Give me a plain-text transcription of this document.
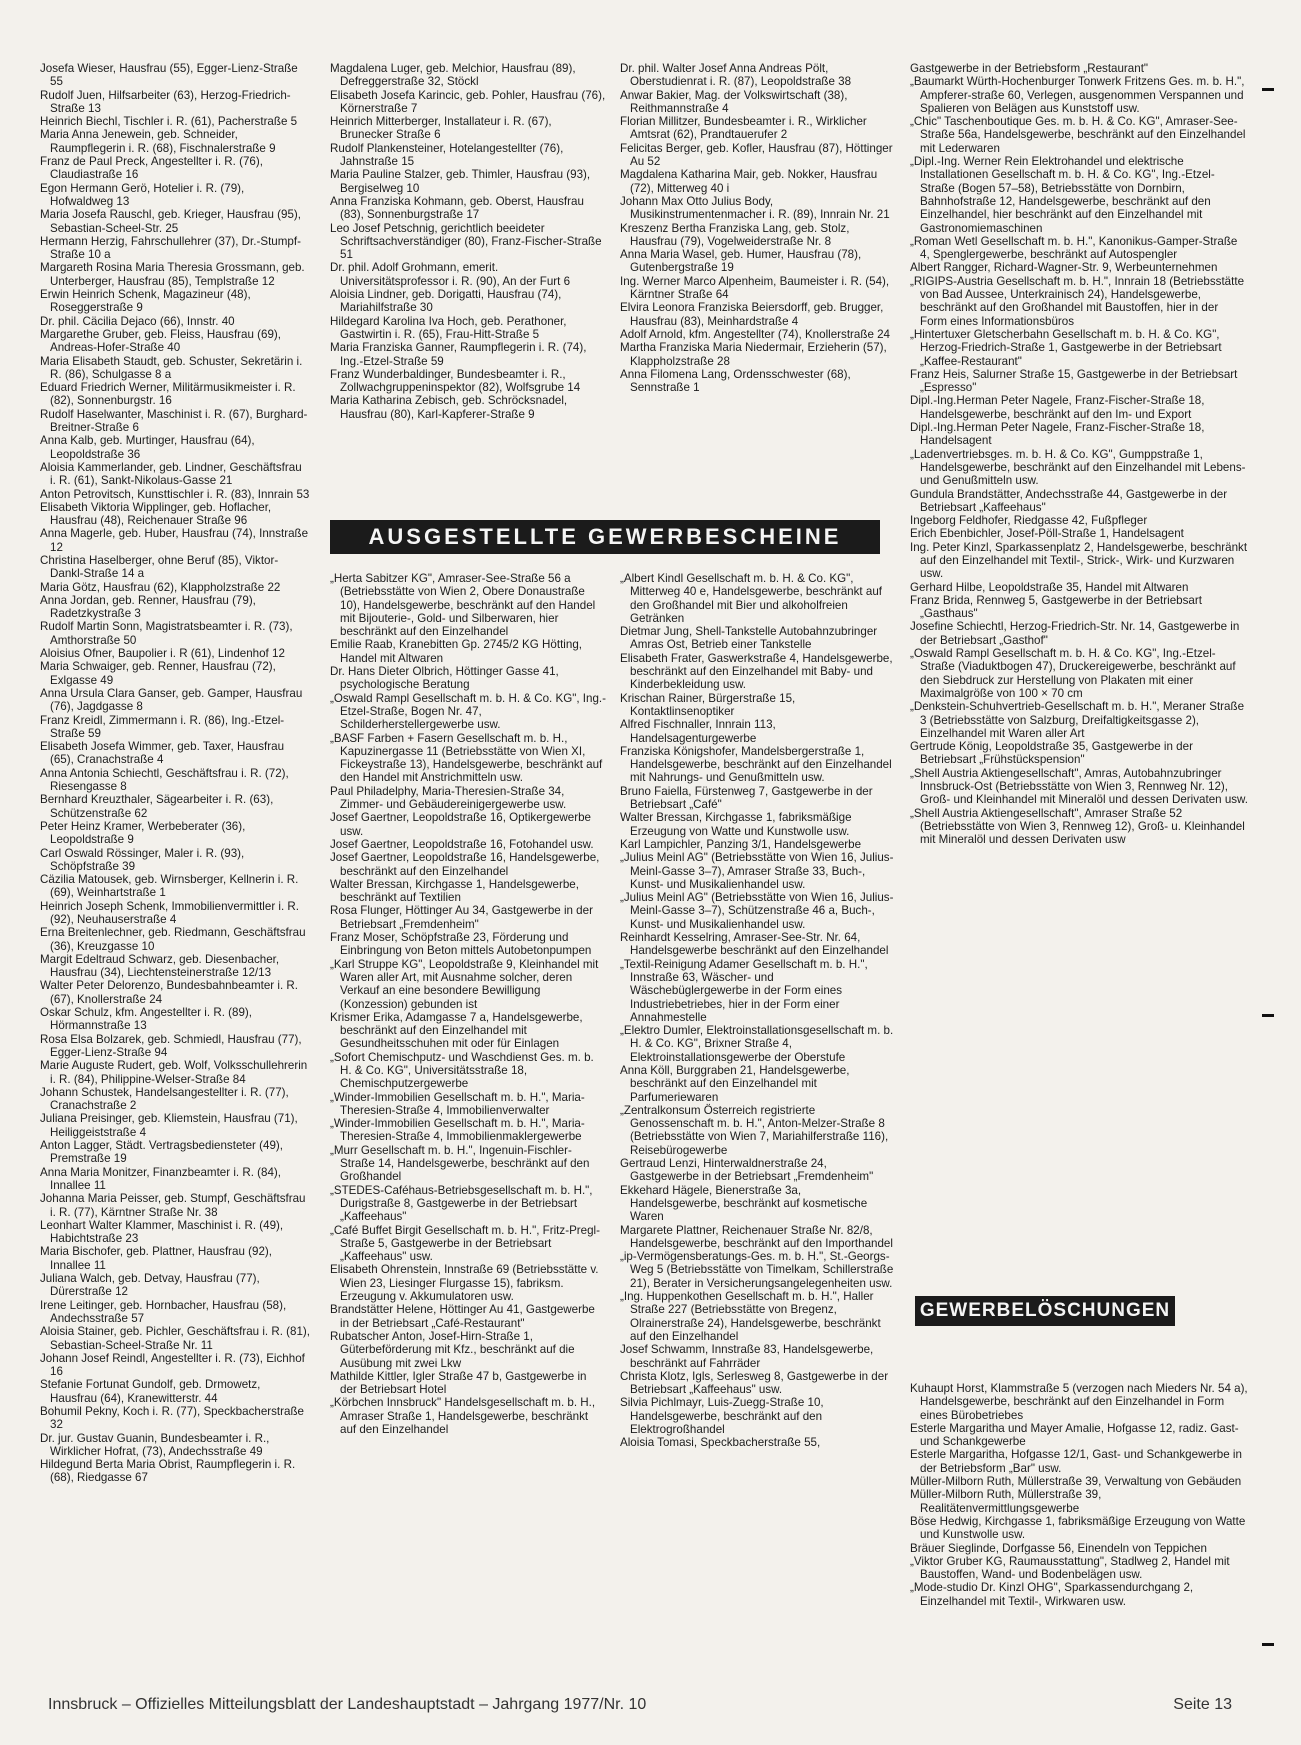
Josefa Wieser, Hausfrau (55), Egger-Lienz-Straße 55
Rudolf Juen, Hilfsarbeiter (63), Herzog-Friedrich-Straße 13
Heinrich Biechl, Tischler i. R. (61), Pacherstraße 5
Maria Anna Jenewein, geb. Schneider, Raumpflegerin i. R. (68), Fischnalerstraße 9
Franz de Paul Preck, Angestellter i. R. (76), Claudiastraße 16
Egon Hermann Gerö, Hotelier i. R. (79), Hofwaldweg 13
Maria Josefa Rauschl, geb. Krieger, Hausfrau (95), Sebastian-Scheel-Str. 25
Hermann Herzig, Fahrschullehrer (37), Dr.-Stumpf-Straße 10 a
Margareth Rosina Maria Theresia Grossmann, geb. Unterberger, Hausfrau (85), Templstraße 12
Erwin Heinrich Schenk, Magazineur (48), Roseggerstraße 9
Dr. phil. Cäcilia Dejaco (66), Innstr. 40
Margarethe Gruber, geb. Fleiss, Hausfrau (69), Andreas-Hofer-Straße 40
Maria Elisabeth Staudt, geb. Schuster, Sekretärin i. R. (86), Schulgasse 8 a
Eduard Friedrich Werner, Militärmusikmeister i. R. (82), Sonnenburgstr. 16
Rudolf Haselwanter, Maschinist i. R. (67), Burghard-Breitner-Straße 6
Anna Kalb, geb. Murtinger, Hausfrau (64), Leopoldstraße 36
Aloisia Kammerlander, geb. Lindner, Geschäftsfrau i. R. (61), Sankt-Nikolaus-Gasse 21
Anton Petrovitsch, Kunsttischler i. R. (83), Innrain 53
Elisabeth Viktoria Wipplinger, geb. Hoflacher, Hausfrau (48), Reichenauer Straße 96
Anna Magerle, geb. Huber, Hausfrau (74), Innstraße 12
Christina Haselberger, ohne Beruf (85), Viktor-Dankl-Straße 14 a
Maria Götz, Hausfrau (62), Klappholzstraße 22
Anna Jordan, geb. Renner, Hausfrau (79), Radetzkystraße 3
Rudolf Martin Sonn, Magistratsbeamter i. R. (73), Amthorstraße 50
Aloisius Ofner, Baupolier i. R (61), Lindenhof 12
Maria Schwaiger, geb. Renner, Hausfrau (72), Exlgasse 49
Anna Ursula Clara Ganser, geb. Gamper, Hausfrau (76), Jagdgasse 8
Franz Kreidl, Zimmermann i. R. (86), Ing.-Etzel-Straße 59
Elisabeth Josefa Wimmer, geb. Taxer, Hausfrau (65), Cranachstraße 4
Anna Antonia Schiechtl, Geschäftsfrau i. R. (72), Riesengasse 8
Bernhard Kreuzthaler, Sägearbeiter i. R. (63), Schützenstraße 62
Peter Heinz Kramer, Werbeberater (36), Leopoldstraße 9
Carl Oswald Rössinger, Maler i. R. (93), Schöpfstraße 39
Cäzilia Matousek, geb. Wirnsberger, Kellnerin i. R. (69), Weinhartstraße 1
Heinrich Joseph Schenk, Immobilienvermittler i. R. (92), Neuhauserstraße 4
Erna Breitenlechner, geb. Riedmann, Geschäftsfrau (36), Kreuzgasse 10
Margit Edeltraud Schwarz, geb. Diesenbacher, Hausfrau (34), Liechtensteinerstraße 12/13
Walter Peter Delorenzo, Bundesbahnbeamter i. R. (67), Knollerstraße 24
Oskar Schulz, kfm. Angestellter i. R. (89), Hörmannstraße 13
Rosa Elsa Bolzarek, geb. Schmiedl, Hausfrau (77), Egger-Lienz-Straße 94
Marie Auguste Rudert, geb. Wolf, Volksschullehrerin i. R. (84), Philippine-Welser-Straße 84
Johann Schustek, Handelsangestellter i. R. (77), Cranachstraße 2
Juliana Preisinger, geb. Kliemstein, Hausfrau (71), Heiliggeiststraße 4
Anton Lagger, Städt. Vertragsbediensteter (49), Premstraße 19
Anna Maria Monitzer, Finanzbeamter i. R. (84), Innallee 11
Johanna Maria Peisser, geb. Stumpf, Geschäftsfrau i. R. (77), Kärntner Straße Nr. 38
Leonhart Walter Klammer, Maschinist i. R. (49), Habichtstraße 23
Maria Bischofer, geb. Plattner, Hausfrau (92), Innallee 11
Juliana Walch, geb. Detvay, Hausfrau (77), Dürerstraße 12
Irene Leitinger, geb. Hornbacher, Hausfrau (58), Andechsstraße 57
Aloisia Stainer, geb. Pichler, Geschäftsfrau i. R. (81), Sebastian-Scheel-Straße Nr. 11
Johann Josef Reindl, Angestellter i. R. (73), Eichhof 16
Stefanie Fortunat Gundolf, geb. Drmowetz, Hausfrau (64), Kranewitterstr. 44
Bohumil Pekny, Koch i. R. (77), Speckbacherstraße 32
Dr. jur. Gustav Guanin, Bundesbeamter i. R., Wirklicher Hofrat, (73), Andechsstraße 49
Hildegund Berta Maria Obrist, Raumpflegerin i. R. (68), Riedgasse 67
Magdalena Luger, geb. Melchior, Hausfrau (89), Defreggerstraße 32, Stöckl
Elisabeth Josefa Karincic, geb. Pohler, Hausfrau (76), Körnerstraße 7
Heinrich Mitterberger, Installateur i. R. (67), Brunecker Straße 6
Rudolf Plankensteiner, Hotelangestellter (76), Jahnstraße 15
Maria Pauline Stalzer, geb. Thimler, Hausfrau (93), Bergiselweg 10
Anna Franziska Kohmann, geb. Oberst, Hausfrau (83), Sonnenburgstraße 17
Leo Josef Petschnig, gerichtlich beeideter Schriftsachverständiger (80), Franz-Fischer-Straße 51
Dr. phil. Adolf Grohmann, emerit. Universitätsprofessor i. R. (90), An der Furt 6
Aloisia Lindner, geb. Dorigatti, Hausfrau (74), Mariahilfstraße 30
Hildegard Karolina Iva Hoch, geb. Perathoner, Gastwirtin i. R. (65), Frau-Hitt-Straße 5
Maria Franziska Ganner, Raumpflegerin i. R. (74), Ing.-Etzel-Straße 59
Franz Wunderbaldinger, Bundesbeamter i. R., Zollwachgruppeninspektor (82), Wolfsgrube 14
Maria Katharina Zebisch, geb. Schröcksnadel, Hausfrau (80), Karl-Kapferer-Straße 9
Dr. phil. Walter Josef Anna Andreas Pölt, Oberstudienrat i. R. (87), Leopoldstraße 38
Anwar Bakier, Mag. der Volkswirtschaft (38), Reithmannstraße 4
Florian Millitzer, Bundesbeamter i. R., Wirklicher Amtsrat (62), Prandtauerufer 2
Felicitas Berger, geb. Kofler, Hausfrau (87), Höttinger Au 52
Magdalena Katharina Mair, geb. Nokker, Hausfrau (72), Mitterweg 40 i
Johann Max Otto Julius Body, Musikinstrumentenmacher i. R. (89), Innrain Nr. 21
Kreszenz Bertha Franziska Lang, geb. Stolz, Hausfrau (79), Vogelweiderstraße Nr. 8
Anna Maria Wasel, geb. Humer, Hausfrau (78), Gutenbergstraße 19
Ing. Werner Marco Alpenheim, Baumeister i. R. (54), Kärntner Straße 64
Elvira Leonora Franziska Beiersdorff, geb. Brugger, Hausfrau (83), Meinhardstraße 4
Adolf Arnold, kfm. Angestellter (74), Knollerstraße 24
Martha Franziska Maria Niedermair, Erzieherin (57), Klappholzstraße 28
Anna Filomena Lang, Ordensschwester (68), Sennstraße 1
Gastgewerbe in der Betriebsform „Restaurant"
„Baumarkt Würth-Hochenburger Tonwerk Fritzens Ges. m. b. H.", Ampferer-straße 60, Verlegen, ausgenommen Verspannen und Spalieren von Belägen aus Kunststoff usw.
„Chic" Taschenboutique Ges. m. b. H. & Co. KG", Amraser-See-Straße 56a, Handelsgewerbe, beschränkt auf den Einzelhandel mit Lederwaren
„Dipl.-Ing. Werner Rein Elektrohandel und elektrische Installationen Gesellschaft m. b. H. & Co. KG", Ing.-Etzel-Straße (Bogen 57–58), Betriebsstätte von Dornbirn, Bahnhofstraße 12, Handelsgewerbe, beschränkt auf den Einzelhandel, hier beschränkt auf den Einzelhandel mit Gastronomiemaschinen
„Roman Wetl Gesellschaft m. b. H.", Kanonikus-Gamper-Straße 4, Spenglergewerbe, beschränkt auf Autospengler
Albert Rangger, Richard-Wagner-Str. 9, Werbeunternehmen
„RIGIPS-Austria Gesellschaft m. b. H.", Innrain 18 (Betriebsstätte von Bad Aussee, Unterkrainisch 24), Handelsgewerbe, beschränkt auf den Großhandel mit Baustoffen, hier in der Form eines Informationsbüros
„Hintertuxer Gletscherbahn Gesellschaft m. b. H. & Co. KG", Herzog-Friedrich-Straße 1, Gastgewerbe in der Betriebsart „Kaffee-Restaurant"
Franz Heis, Salurner Straße 15, Gastgewerbe in der Betriebsart „Espresso"
Dipl.-Ing.Herman Peter Nagele, Franz-Fischer-Straße 18, Handelsgewerbe, beschränkt auf den Im- und Export
Dipl.-Ing.Herman Peter Nagele, Franz-Fischer-Straße 18, Handelsagent
„Ladenvertriebsges. m. b. H. & Co. KG", Gumppstraße 1, Handelsgewerbe, beschränkt auf den Einzelhandel mit Lebens- und Genußmitteln usw.
Gundula Brandstätter, Andechsstraße 44, Gastgewerbe in der Betriebsart „Kaffeehaus"
Ingeborg Feldhofer, Riedgasse 42, Fußpfleger
Erich Ebenbichler, Josef-Pöll-Straße 1, Handelsagent
Ing. Peter Kinzl, Sparkassenplatz 2, Handelsgewerbe, beschränkt auf den Einzelhandel mit Textil-, Strick-, Wirk- und Kurzwaren usw.
Gerhard Hilbe, Leopoldstraße 35, Handel mit Altwaren
Franz Brida, Rennweg 5, Gastgewerbe in der Betriebsart „Gasthaus"
Josefine Schiechtl, Herzog-Friedrich-Str. Nr. 14, Gastgewerbe in der Betriebsart „Gasthof"
„Oswald Rampl Gesellschaft m. b. H. & Co. KG", Ing.-Etzel-Straße (Viaduktbogen 47), Druckereigewerbe, beschränkt auf den Siebdruck zur Herstellung von Plakaten mit einer Maximalgröße von 100 × 70 cm
„Denkstein-Schuhvertrieb-Gesellschaft m. b. H.", Meraner Straße 3 (Betriebsstätte von Salzburg, Dreifaltigkeitsgasse 2), Einzelhandel mit Waren aller Art
Gertrude König, Leopoldstraße 35, Gastgewerbe in der Betriebsart „Frühstückspension"
„Shell Austria Aktiengesellschaft", Amras, Autobahnzubringer Innsbruck-Ost (Betriebsstätte von Wien 3, Rennweg Nr. 12), Groß- und Kleinhandel mit Mineralöl und dessen Derivaten usw.
„Shell Austria Aktiengesellschaft", Amraser Straße 52 (Betriebsstätte von Wien 3, Rennweg 12), Groß- u. Kleinhandel mit Mineralöl und dessen Derivaten usw
AUSGESTELLTE GEWERBESCHEINE
„Herta Sabitzer KG", Amraser-See-Straße 56 a (Betriebsstätte von Wien 2, Obere Donaustraße 10), Handelsgewerbe, beschränkt auf den Handel mit Bijouterie-, Gold- und Silberwaren, hier beschränkt auf den Einzelhandel
Emilie Raab, Kranebitten Gp. 2745/2 KG Hötting, Handel mit Altwaren
Dr. Hans Dieter Olbrich, Höttinger Gasse 41, psychologische Beratung
„Oswald Rampl Gesellschaft m. b. H. & Co. KG", Ing.-Etzel-Straße, Bogen Nr. 47, Schilderherstellergewerbe usw.
„BASF Farben + Fasern Gesellschaft m. b. H., Kapuzinergasse 11 (Betriebsstätte von Wien XI, Fickeystraße 13), Handelsgewerbe, beschränkt auf den Handel mit Anstrichmitteln usw.
Paul Philadelphy, Maria-Theresien-Straße 34, Zimmer- und Gebäudereinigergewerbe usw.
Josef Gaertner, Leopoldstraße 16, Optikergewerbe usw.
Josef Gaertner, Leopoldstraße 16, Fotohandel usw.
Josef Gaertner, Leopoldstraße 16, Handelsgewerbe, beschränkt auf den Einzelhandel
Walter Bressan, Kirchgasse 1, Handelsgewerbe, beschränkt auf Textilien
Rosa Flunger, Höttinger Au 34, Gastgewerbe in der Betriebsart „Fremdenheim"
Franz Moser, Schöpfstraße 23, Förderung und Einbringung von Beton mittels Autobetonpumpen
„Karl Struppe KG", Leopoldstraße 9, Kleinhandel mit Waren aller Art, mit Ausnahme solcher, deren Verkauf an eine besondere Bewilligung (Konzession) gebunden ist
Krismer Erika, Adamgasse 7 a, Handelsgewerbe, beschränkt auf den Einzelhandel mit Gesundheitsschuhen mit oder für Einlagen
„Sofort Chemischputz- und Waschdienst Ges. m. b. H. & Co. KG", Universitätsstraße 18, Chemischputzergewerbe
„Winder-Immobilien Gesellschaft m. b. H.", Maria-Theresien-Straße 4, Immobilienverwalter
„Winder-Immobilien Gesellschaft m. b. H.", Maria-Theresien-Straße 4, Immobilienmaklergewerbe
„Murr Gesellschaft m. b. H.", Ingenuin-Fischler-Straße 14, Handelsgewerbe, beschränkt auf den Großhandel
„STEDES-Caféhaus-Betriebsgesellschaft m. b. H.", Durigstraße 8, Gastgewerbe in der Betriebsart „Kaffeehaus"
„Café Buffet Birgit Gesellschaft m. b. H.", Fritz-Pregl-Straße 5, Gastgewerbe in der Betriebsart „Kaffeehaus" usw.
Elisabeth Ohrenstein, Innstraße 69 (Betriebsstätte v. Wien 23, Liesinger Flurgasse 15), fabriksm. Erzeugung v. Akkumulatoren usw.
Brandstätter Helene, Höttinger Au 41, Gastgewerbe in der Betriebsart „Café-Restaurant"
Rubatscher Anton, Josef-Hirn-Straße 1, Güterbeförderung mit Kfz., beschränkt auf die Ausübung mit zwei Lkw
Mathilde Kittler, Igler Straße 47 b, Gastgewerbe in der Betriebsart Hotel
„Körbchen Innsbruck" Handelsgesellschaft m. b. H., Amraser Straße 1, Handelsgewerbe, beschränkt auf den Einzelhandel
„Albert Kindl Gesellschaft m. b. H. & Co. KG", Mitterweg 40 e, Handelsgewerbe, beschränkt auf den Großhandel mit Bier und alkoholfreien Getränken
Dietmar Jung, Shell-Tankstelle Autobahnzubringer Amras Ost, Betrieb einer Tankstelle
Elisabeth Frater, Gaswerkstraße 4, Handelsgewerbe, beschränkt auf den Einzelhandel mit Baby- und Kinderbekleidung usw.
Krischan Rainer, Bürgerstraße 15, Kontaktlinsenoptiker
Alfred Fischnaller, Innrain 113, Handelsagenturgewerbe
Franziska Königshofer, Mandelsbergerstraße 1, Handelsgewerbe, beschränkt auf den Einzelhandel mit Nahrungs- und Genußmitteln usw.
Bruno Faiella, Fürstenweg 7, Gastgewerbe in der Betriebsart „Café"
Walter Bressan, Kirchgasse 1, fabriksmäßige Erzeugung von Watte und Kunstwolle usw.
Karl Lampichler, Panzing 3/1, Handelsgewerbe
„Julius Meinl AG" (Betriebsstätte von Wien 16, Julius-Meinl-Gasse 3–7), Amraser Straße 33, Buch-, Kunst- und Musikalienhandel usw.
„Julius Meinl AG" (Betriebsstätte von Wien 16, Julius-Meinl-Gasse 3–7), Schützenstraße 46 a, Buch-, Kunst- und Musikalienhandel usw.
Reinhardt Kesselring, Amraser-See-Str. Nr. 64, Handelsgewerbe beschränkt auf den Einzelhandel
„Textil-Reinigung Adamer Gesellschaft m. b. H.", Innstraße 63, Wäscher- und Wäschebüglergewerbe in der Form eines Industriebetriebes, hier in der Form einer Annahmestelle
„Elektro Dumler, Elektroinstallationsgesellschaft m. b. H. & Co. KG", Brixner Straße 4, Elektroinstallationsgewerbe der Oberstufe
Anna Köll, Burggraben 21, Handelsgewerbe, beschränkt auf den Einzelhandel mit Parfumeriewaren
„Zentralkonsum Österreich registrierte Genossenschaft m. b. H.", Anton-Melzer-Straße 8 (Betriebsstätte von Wien 7, Mariahilferstraße 116), Reisebürogewerbe
Gertraud Lenzi, Hinterwaldnerstraße 24, Gastgewerbe in der Betriebsart „Fremdenheim"
Ekkehard Hägele, Bienerstraße 3a, Handelsgewerbe, beschränkt auf kosmetische Waren
Margarete Plattner, Reichenauer Straße Nr. 82/8, Handelsgewerbe, beschränkt auf den Importhandel
„ip-Vermögensberatungs-Ges. m. b. H.", St.-Georgs-Weg 5 (Betriebsstätte von Timelkam, Schillerstraße 21), Berater in Versicherungsangelegenheiten usw.
„Ing. Huppenkothen Gesellschaft m. b. H.", Haller Straße 227 (Betriebsstätte von Bregenz, Olrainerstraße 24), Handelsgewerbe, beschränkt auf den Einzelhandel
Josef Schwamm, Innstraße 83, Handelsgewerbe, beschränkt auf Fahrräder
Christa Klotz, Igls, Serlesweg 8, Gastgewerbe in der Betriebsart „Kaffeehaus" usw.
Silvia Pichlmayr, Luis-Zuegg-Straße 10, Handelsgewerbe, beschränkt auf den Elektrogroßhandel
Aloisia Tomasi, Speckbacherstraße 55,
GEWERBELÖSCHUNGEN
Kuhaupt Horst, Klammstraße 5 (verzogen nach Mieders Nr. 54 a), Handelsgewerbe, beschränkt auf den Einzelhandel in Form eines Bürobetriebes
Esterle Margaritha und Mayer Amalie, Hofgasse 12, radiz. Gast- und Schankgewerbe
Esterle Margaritha, Hofgasse 12/1, Gast- und Schankgewerbe in der Betriebsform „Bar" usw.
Müller-Milborn Ruth, Müllerstraße 39, Verwaltung von Gebäuden
Müller-Milborn Ruth, Müllerstraße 39, Realitätenvermittlungsgewerbe
Böse Hedwig, Kirchgasse 1, fabriksmäßige Erzeugung von Watte und Kunstwolle usw.
Bräuer Sieglinde, Dorfgasse 56, Einendeln von Teppichen
„Viktor Gruber KG, Raumausstattung", Stadlweg 2, Handel mit Baustoffen, Wand- und Bodenbelägen usw.
„Mode-studio Dr. Kinzl OHG", Sparkassendurchgang 2, Einzelhandel mit Textil-, Wirkwaren usw.
Innsbruck – Offizielles Mitteilungsblatt der Landeshauptstadt – Jahrgang 1977/Nr. 10	Seite 13
